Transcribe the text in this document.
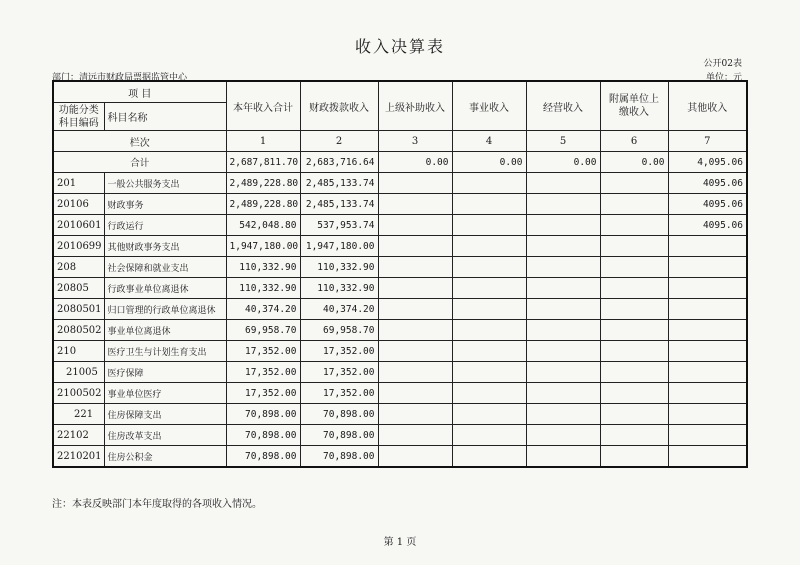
收入决算表
公开02表
部门：清远市财政局票据监管中心	单位：元
项 目		本年收入合计	财政拨款收入	上级补助收入	事业收入	经营收入	附属单位上缴收入	其他收入
功能分类
科目编码	科目名称							
栏次		1	2	3	4	5	6	7
合计		2,687,811.70	2,683,716.64	0.00	0.00	0.00	0.00	4,095.06
201	一般公共服务支出	2,489,228.80	2,485,133.74					4095.06
20106	财政事务	2,489,228.80	2,485,133.74					4095.06
2010601	行政运行	542,048.80	537,953.74					4095.06
2010699	其他财政事务支出	1,947,180.00	1,947,180.00					
208	社会保障和就业支出	110,332.90	110,332.90					
20805	行政事业单位离退休	110,332.90	110,332.90					
2080501	归口管理的行政单位离退休	40,374.20	40,374.20					
2080502	事业单位离退休	69,958.70	69,958.70					
210	医疗卫生与计划生育支出	17,352.00	17,352.00					
21005	医疗保障	17,352.00	17,352.00					
2100502	事业单位医疗	17,352.00	17,352.00					
221	住房保障支出	70,898.00	70,898.00					
22102	住房改革支出	70,898.00	70,898.00					
2210201	住房公积金	70,898.00	70,898.00					
注：本表反映部门本年度取得的各项收入情况。
第 1 页
